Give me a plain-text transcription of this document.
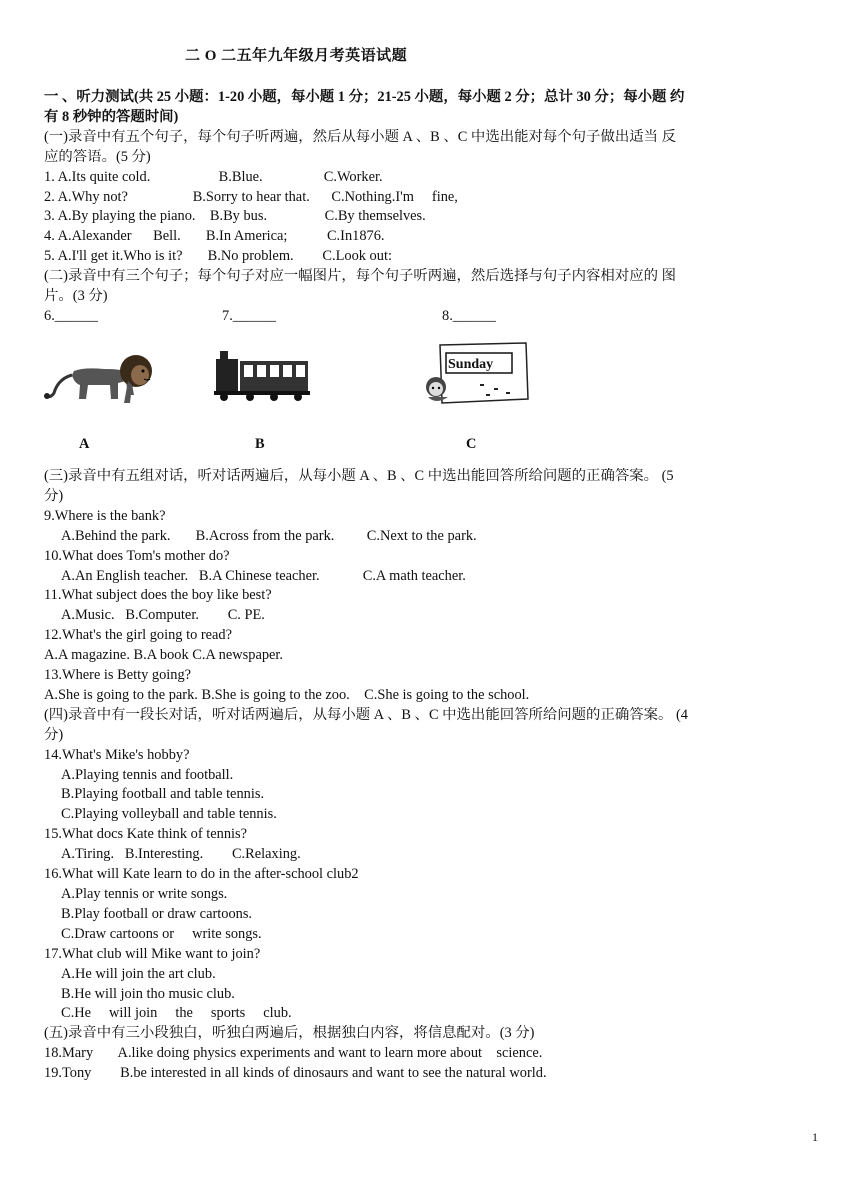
二 O 二五年九年级月考英语试题
一 、听力测试(共 25 小题：1-20 小题，每小题 1 分；21-25 小题，每小题 2 分；总计 30 分；每小题 约
有 8 秒钟的答题时间)
(一)录音中有五个句子，每个句子听两遍，然后从每小题 A 、B 、C 中选出能对每个句子做出适当 反
应的答语。(5 分)
1. A.Its quite cold.                   B.Blue.                 C.Worker.
2. A.Why not?                  B.Sorry to hear that.      C.Nothing.I'm     fine,
3. A.By playing the piano.    B.By bus.                C.By themselves.
4. A.Alexander      Bell.       B.In America;           C.In1876.
5. A.I'll get it.Who is it?       B.No problem.        C.Look out:
(二)录音中有三个句子；每个句子对应一幅图片，每个句子听两遍，然后选择与句子内容相对应的 图
片。(3 分)
6.______	7.______	8.______
Sunday
A	B	C
(三)录音中有五组对话，听对话两遍后，从每小题 A 、B 、C 中选出能回答所给问题的正确答案。 (5
分)
9.Where is the bank?
A.Behind the park.       B.Across from the park.         C.Next to the park.
10.What does Tom's mother do?
A.An English teacher.   B.A Chinese teacher.            C.A math teacher.
11.What subject does the boy like best?
A.Music.   B.Computer.        C. PE.
12.What's the girl going to read?
A.A magazine. B.A book C.A newspaper.
13.Where is Betty going?
A.She is going to the park. B.She is going to the zoo.    C.She is going to the school.
(四)录音中有一段长对话，听对话两遍后，从每小题 A 、B 、C 中选出能回答所给问题的正确答案。 (4
分)
14.What's Mike's hobby?
A.Playing tennis and football.
B.Playing football and table tennis.
C.Playing volleyball and table tennis.
15.What docs Kate think of tennis?
A.Tiring.   B.Interesting.        C.Relaxing.
16.What will Kate learn to do in the after-school club2
A.Play tennis or write songs.
B.Play football or draw cartoons.
C.Draw cartoons or     write songs.
17.What club will Mike want to join?
A.He will join the art club.
B.He will join tho music club.
C.He     will join     the     sports     club.
(五)录音中有三小段独白，听独白两遍后，根据独白内容，将信息配对。(3 分)
18.Mary       A.like doing physics experiments and want to learn more about    science.
19.Tony        B.be interested in all kinds of dinosaurs and want to see the natural world.
1
